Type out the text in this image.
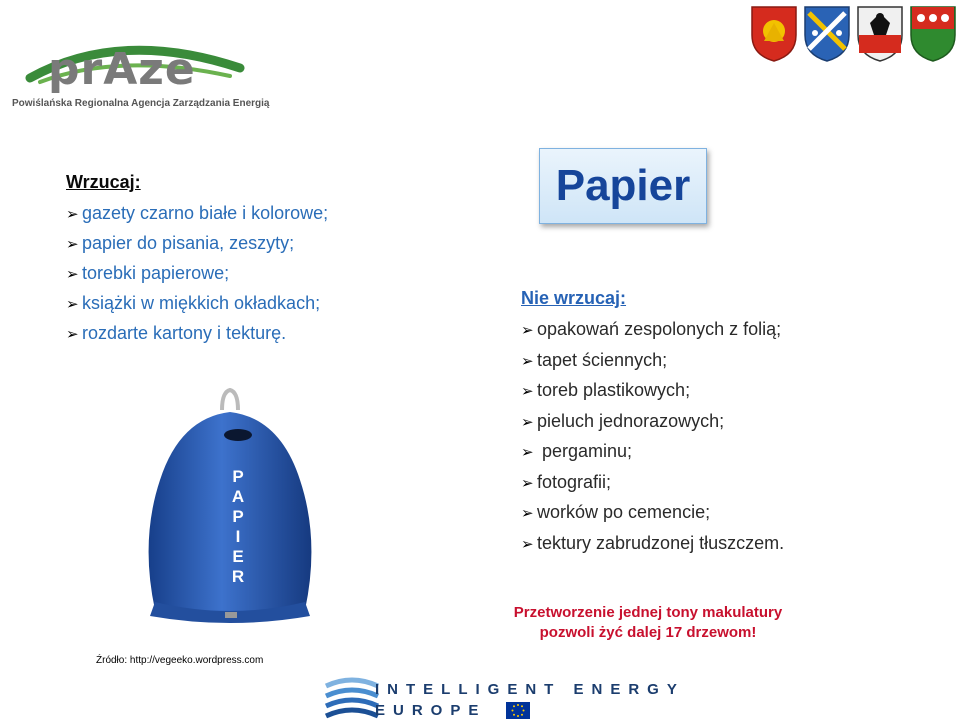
prAze
Powiślańska Regionalna Agencja Zarządzania Energią
Wrzucaj:
➢ gazety czarno białe i kolorowe;
➢ papier do pisania, zeszyty;
➢ torebki papierowe;
➢ książki w miękkich okładkach;
➢ rozdarte kartony i tekturę.
Papier
Nie wrzucaj:
➢ opakowań zespolonych z folią;
➢ tapet ściennych;
➢ toreb plastikowych;
➢ pieluch jednorazowych;
➢ pergaminu;
➢ fotografii;
➢ worków po cemencie;
➢ tektury zabrudzonej tłuszczem.
P
A
P
I
E
R
Źródło: http://vegeeko.wordpress.com
Przetworzenie jednej tony makulatury
pozwoli żyć dalej 17 drzewom!
INTELLIGENT ENERGY
EUROPE
